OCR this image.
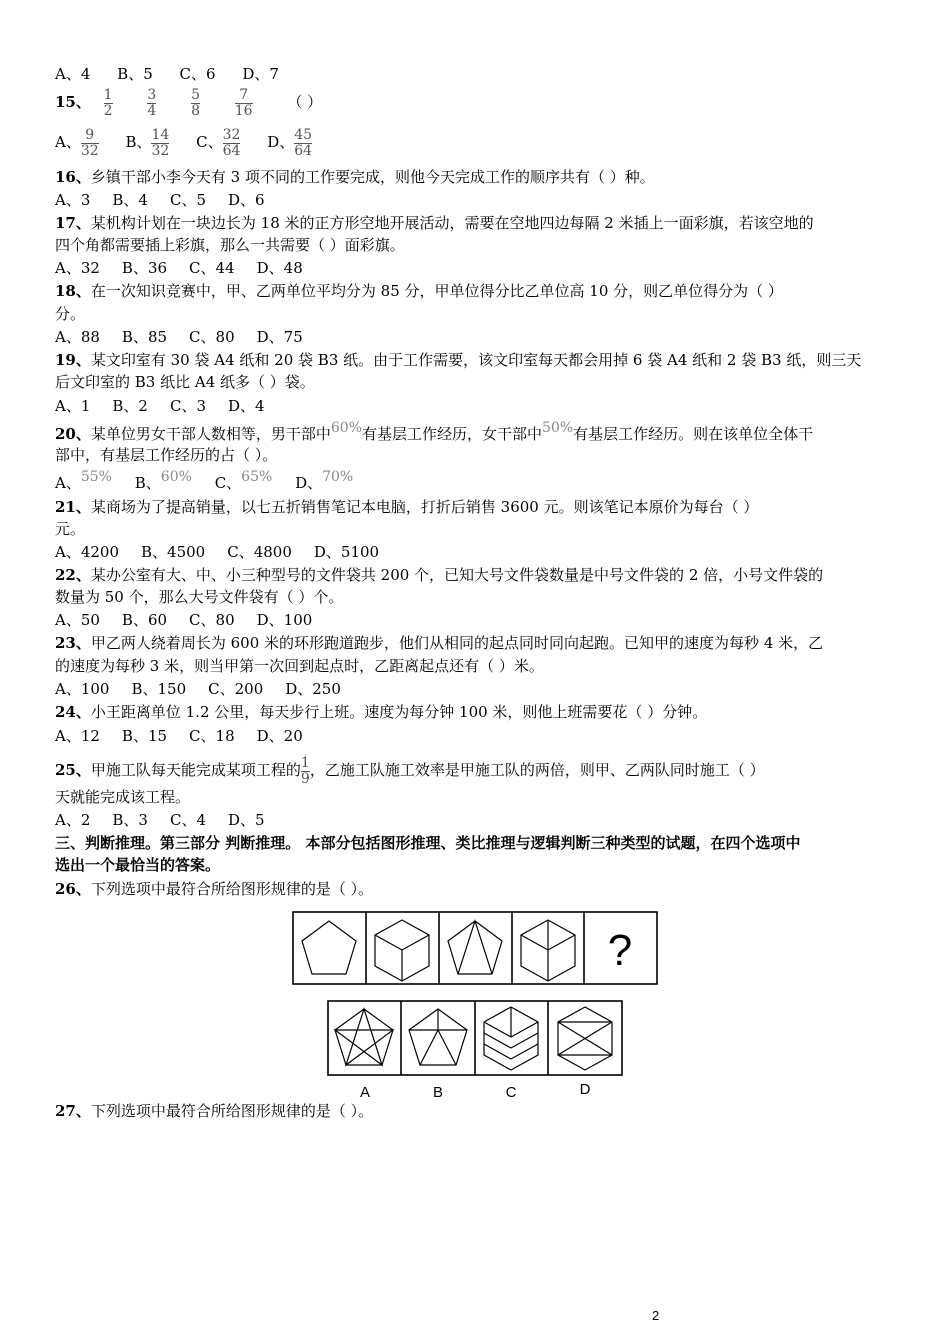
A、4 B、5 C、6 D、7
15、 $\frac{1}{2}$
$\frac{3}{4}$
$\frac{5}{8}$
$\frac{7}{16}$ （ ）
A、 $\frac{9}{32}$ B、 $\frac{14}{32}$ C、 $\frac{32}{64}$ D、 $\frac{45}{64}$
16、乡镇干部小李今天有 3 项不同的工作要完成，则他今天完成工作的顺序共有（ ）种。
A、3 B、4 C、5 D、6
17、某机构计划在一块边长为 18 米的正方形空地开展活动，需要在空地四边每隔 2 米插上一面彩旗，若该空地的
四个角都需要插上彩旗，那么一共需要（ ）面彩旗。
A、32 B、36 C、44 D、48
18、在一次知识竞赛中，甲、乙两单位平均分为 85 分，甲单位得分比乙单位高 10 分，则乙单位得分为（ ）
分。
A、88 B、85 C、80 D、75
19、某文印室有 30 袋 A4 纸和 20 袋 B3 纸。由于工作需要，该文印室每天都会用掉 6 袋 A4 纸和 2 袋 B3 纸，则三天
后文印室的 B3 纸比 A4 纸多（ ）袋。
A、1 B、2 C、3 D、4
20、某单位男女干部人数相等，男干部中60%有基层工作经历，女干部中50%有基层工作经历。则在该单位全体干
部中，有基层工作经历的占（ ）。
A、55% B、60% C、65% D、70%
21、某商场为了提高销量，以七五折销售笔记本电脑，打折后销售 3600 元。则该笔记本原价为每台（ ）
元。
A、4200 B、4500 C、4800 D、5100
22、某办公室有大、中、小三种型号的文件袋共 200 个，已知大号文件袋数量是中号文件袋的 2 倍，小号文件袋的
数量为 50 个，那么大号文件袋有（ ）个。
A、50 B、60 C、80 D、100
23、甲乙两人绕着周长为 600 米的环形跑道跑步，他们从相同的起点同时同向起跑。已知甲的速度为每秒 4 米，乙
的速度为每秒 3 米，则当甲第一次回到起点时，乙距离起点还有（ ）米。
A、100 B、150 C、200 D、250
24、小王距离单位 1.2 公里，每天步行上班。速度为每分钟 100 米，则他上班需要花（ ）分钟。
A、12 B、15 C、18 D、20
25、甲施工队每天能完成某项工程的 $\frac{1}{9}$ ，乙施工队施工效率是甲施工队的两倍，则甲、乙两队同时施工（ ）
天就能完成该工程。
A、2 B、3 C、4 D、5
三、判断推理。第三部分 判断推理。 本部分包括图形推理、类比推理与逻辑判断三种类型的试题，在四个选项中
选出一个最恰当的答案。
26、下列选项中最符合所给图形规律的是（ ）。
?
A	B	C	D
27、下列选项中最符合所给图形规律的是（ ）。
2
